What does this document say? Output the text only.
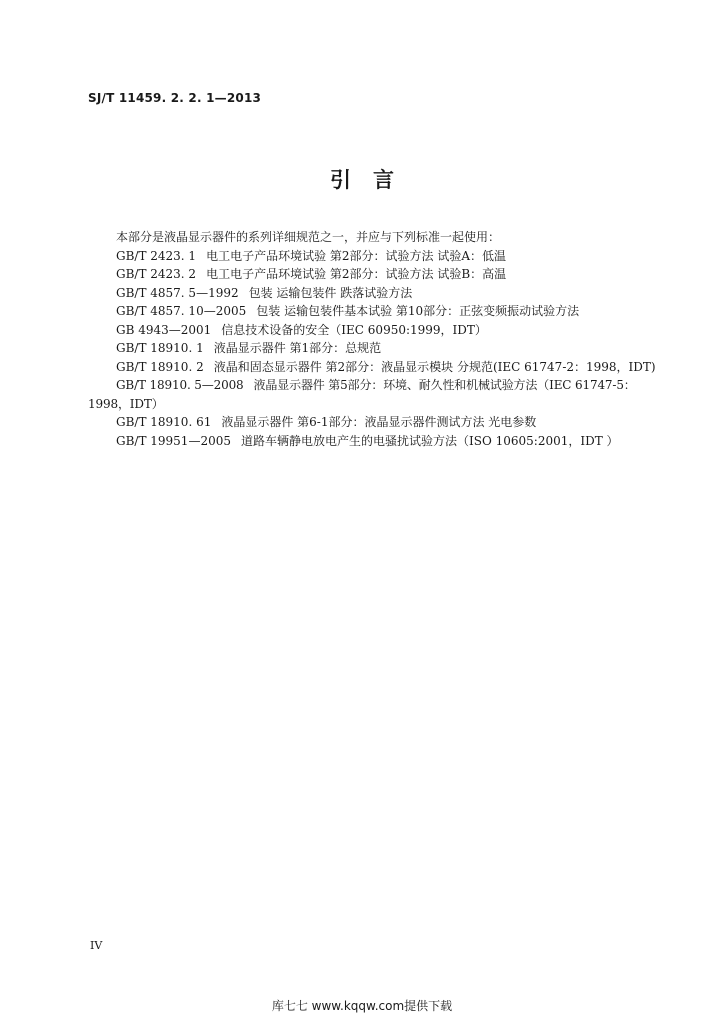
SJ/T 11459. 2. 2. 1—2013

引言

本部分是液晶显示器件的系列详细规范之一，并应与下列标准一起使用：

GB/T 2423. 1 电工电子产品环境试验 第2部分：试验方法 试验A：低温
GB/T 2423. 2 电工电子产品环境试验 第2部分：试验方法 试验B：高温
GB/T 4857. 5—1992 包装 运输包装件 跌落试验方法
GB/T 4857. 10—2005 包装 运输包装件基本试验 第10部分：正弦变频振动试验方法
GB 4943—2001 信息技术设备的安全（IEC 60950:1999，IDT）
GB/T 18910. 1 液晶显示器件 第1部分：总规范
GB/T 18910. 2 液晶和固态显示器件 第2部分：液晶显示模块 分规范(IEC 61747-2：1998，IDT)
GB/T 18910. 5—2008 液晶显示器件 第5部分：环境、耐久性和机械试验方法（IEC 61747-5：1998，IDT）
GB/T 18910. 61 液晶显示器件 第6-1部分：液晶显示器件测试方法 光电参数
GB/T 19951—2005 道路车辆静电放电产生的电骚扰试验方法（ISO 10605:2001，IDT ）

IV

库七七 www.kqqw.com提供下载
